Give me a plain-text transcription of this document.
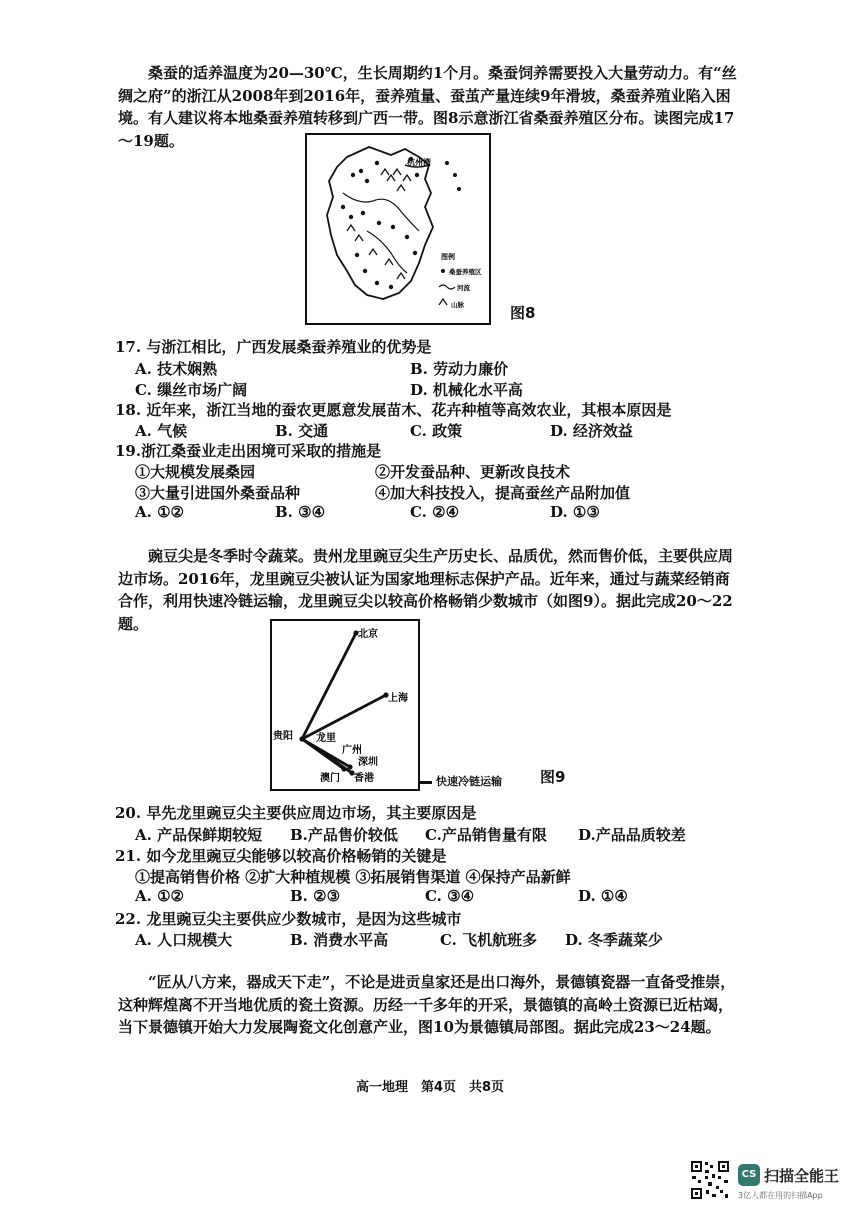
桑蚕的适养温度为20—30℃，生长周期约1个月。桑蚕饲养需要投入大量劳动力。有“丝绸之府”的浙江从2008年到2016年，蚕养殖量、蚕茧产量连续9年滑坡，桑蚕养殖业陷入困境。有人建议将本地桑蚕养殖转移到广西一带。图8示意浙江省桑蚕养殖区分布。读图完成17～19题。

杭州湾
图例
桑蚕养殖区
河流
山脉	图8

17. 与浙江相比，广西发展桑蚕养殖业的优势是

A. 技术娴熟	B. 劳动力廉价

C. 缫丝市场广阔	D. 机械化水平高

18. 近年来，浙江当地的蚕农更愿意发展苗木、花卉种植等高效农业，其根本原因是

A. 气候	B. 交通	C. 政策	D. 经济效益

19.浙江桑蚕业走出困境可采取的措施是

①大规模发展桑园	②开发蚕品种、更新改良技术

③大量引进国外桑蚕品种	④加大科技投入，提高蚕丝产品附加值

A. ①②	B. ③④	C. ②④	D. ①③

豌豆尖是冬季时令蔬菜。贵州龙里豌豆尖生产历史长、品质优，然而售价低，主要供应周边市场。2016年，龙里豌豆尖被认证为国家地理标志保护产品。近年来，通过与蔬菜经销商合作，利用快速冷链运输，龙里豌豆尖以较高价格畅销少数城市（如图9）。据此完成20～22题。

北京
上海
贵阳 龙里
广州
深圳
澳门 香港	快速冷链运输	图9

20. 早先龙里豌豆尖主要供应周边市场，其主要原因是

A. 产品保鲜期较短 B.产品售价较低 C.产品销售量有限 D.产品品质较差

21. 如今龙里豌豆尖能够以较高价格畅销的关键是

①提高销售价格 ②扩大种植规模 ③拓展销售渠道 ④保持产品新鲜

A. ①②	B. ②③	C. ③④	D. ①④

22. 龙里豌豆尖主要供应少数城市，是因为这些城市

A. 人口规模大	B. 消费水平高	C. 飞机航班多 D. 冬季蔬菜少

“匠从八方来，器成天下走”，不论是进贡皇家还是出口海外，景德镇瓷器一直备受推崇，这种辉煌离不开当地优质的瓷土资源。历经一千多年的开采，景德镇的高岭土资源已近枯竭，当下景德镇开始大力发展陶瓷文化创意产业，图10为景德镇局部图。据此完成23～24题。

高一地理　第4页　共8页
CS 扫描全能王
3亿人都在用的扫描App
